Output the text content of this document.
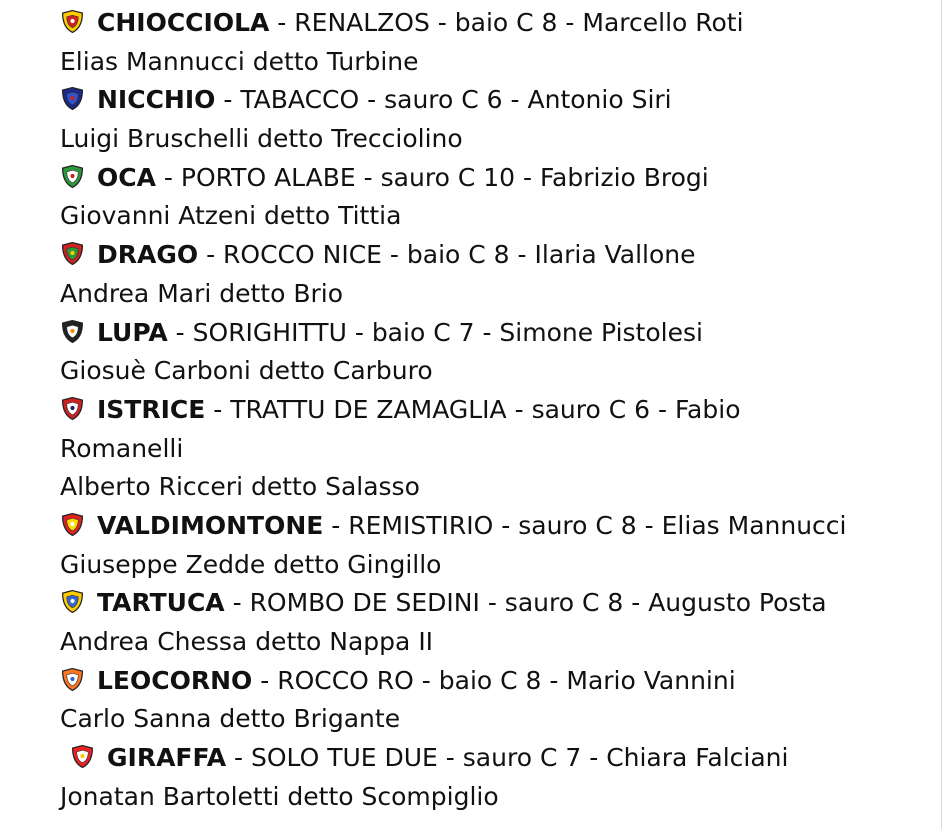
CHIOCCIOLA - RENALZOS - baio C 8 - Marcello Roti
Elias Mannucci detto Turbine
NICCHIO - TABACCO - sauro C 6 - Antonio Siri
Luigi Bruschelli detto Trecciolino
OCA - PORTO ALABE - sauro C 10 - Fabrizio Brogi
Giovanni Atzeni detto Tittia
DRAGO - ROCCO NICE - baio C 8 - Ilaria Vallone
Andrea Mari detto Brio
LUPA - SORIGHITTU - baio C 7 - Simone Pistolesi
Giosuè Carboni detto Carburo
ISTRICE - TRATTU DE ZAMAGLIA - sauro C 6 - Fabio
Romanelli
Alberto Ricceri detto Salasso
VALDIMONTONE - REMISTIRIO - sauro C 8 - Elias Mannucci
Giuseppe Zedde detto Gingillo
TARTUCA - ROMBO DE SEDINI - sauro C 8 - Augusto Posta
Andrea Chessa detto Nappa II
LEOCORNO - ROCCO RO - baio C 8 - Mario Vannini
Carlo Sanna detto Brigante
GIRAFFA - SOLO TUE DUE - sauro C 7 - Chiara Falciani
Jonatan Bartoletti detto Scompiglio
